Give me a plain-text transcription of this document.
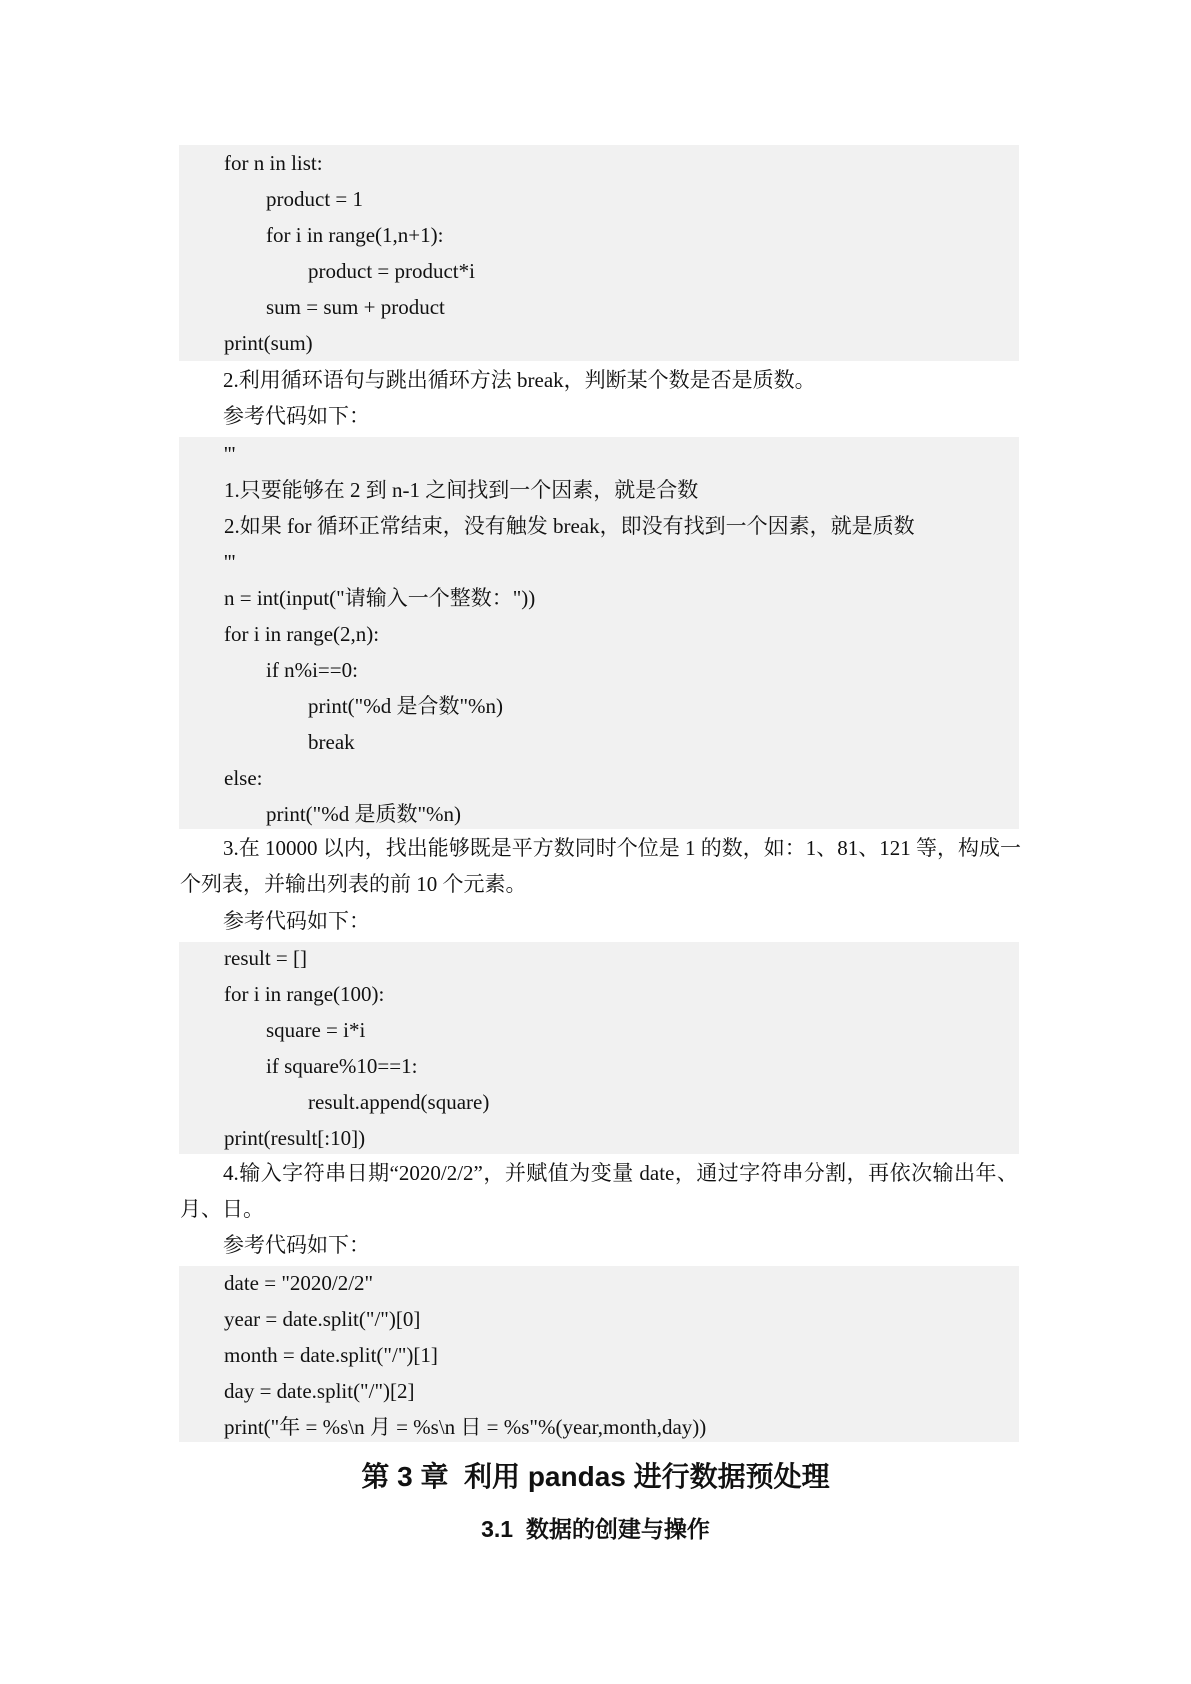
for n in list:
product = 1
for i in range(1,n+1):
product = product*i
sum = sum + product
print(sum)
2.利用循环语句与跳出循环方法 break，判断某个数是否是质数。
参考代码如下：
'''
1.只要能够在 2 到 n-1 之间找到一个因素，就是合数
2.如果 for 循环正常结束，没有触发 break，即没有找到一个因素，就是质数
'''
n = int(input("请输入一个整数："))
for i in range(2,n):
if n%i==0:
print("%d 是合数"%n)
break
else:
print("%d 是质数"%n)
3.在 10000 以内，找出能够既是平方数同时个位是 1 的数，如：1、81、121 等，构成一
个列表，并输出列表的前 10 个元素。
参考代码如下：
result = []
for i in range(100):
square = i*i
if square%10==1:
result.append(square)
print(result[:10])
4.输入字符串日期“2020/2/2”，并赋值为变量 date，通过字符串分割，再依次输出年、
月、日。
参考代码如下：
date = "2020/2/2"
year = date.split("/")[0]
month = date.split("/")[1]
day = date.split("/")[2]
print("年 = %s\n 月 = %s\n 日 = %s"%(year,month,day))
第 3 章  利用 pandas 进行数据预处理
3.1  数据的创建与操作
